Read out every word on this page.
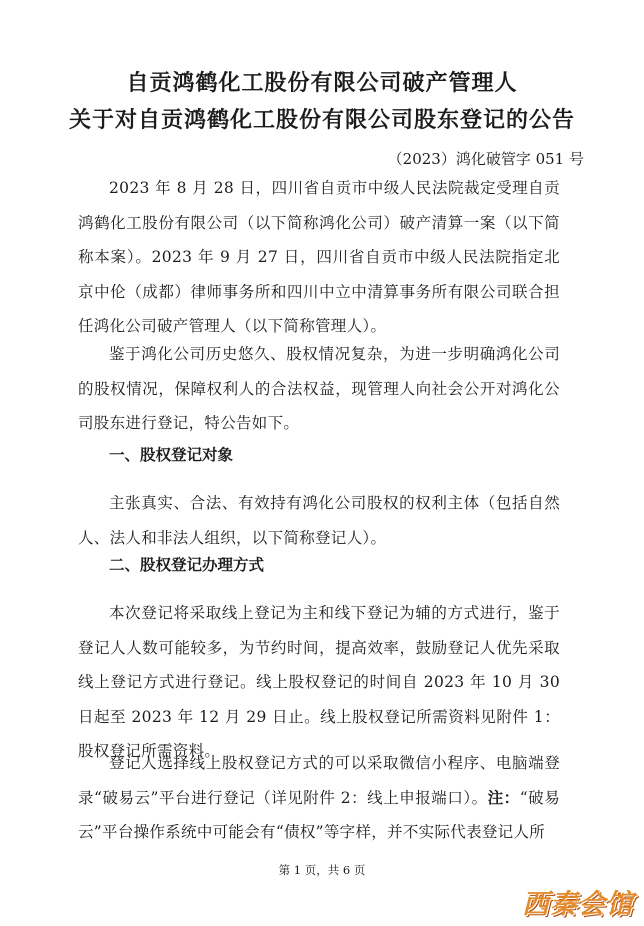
自贡鸿鹤化工股份有限公司破产管理人
关于对自贡鸿鹤化工股份有限公司股东登记的公告
（2023）鸿化破管字 051 号

2023 年 8 月 28 日，四川省自贡市中级人民法院裁定受理自贡鸿鹤化工股份有限公司（以下简称鸿化公司）破产清算一案（以下简称本案）。2023 年 9 月 27 日，四川省自贡市中级人民法院指定北京中伦（成都）律师事务所和四川中立中清算事务所有限公司联合担任鸿化公司破产管理人（以下简称管理人）。

鉴于鸿化公司历史悠久、股权情况复杂，为进一步明确鸿化公司的股权情况，保障权利人的合法权益，现管理人向社会公开对鸿化公司股东进行登记，特公告如下。

一、股权登记对象

主张真实、合法、有效持有鸿化公司股权的权利主体（包括自然人、法人和非法人组织，以下简称登记人）。

二、股权登记办理方式

本次登记将采取线上登记为主和线下登记为辅的方式进行，鉴于登记人人数可能较多，为节约时间，提高效率，鼓励登记人优先采取线上登记方式进行登记。线上股权登记的时间自 2023 年 10 月 30 日起至 2023 年 12 月 29 日止。线上股权登记所需资料见附件 1：股权登记所需资料。

登记人选择线上股权登记方式的可以采取微信小程序、电脑端登录“破易云”平台进行登记（详见附件 2：线上申报端口）。注：“破易云”平台操作系统中可能会有“债权”等字样，并不实际代表登记人所

第 1 页，共 6 页
西秦会馆
